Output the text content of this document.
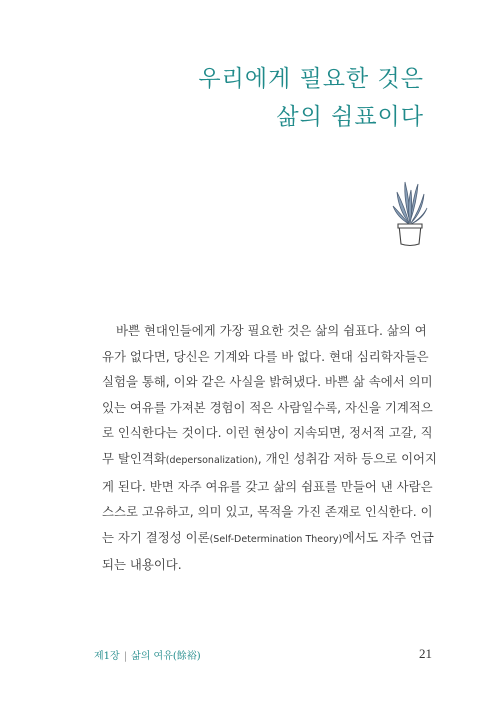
우리에게 필요한 것은
삶의 쉼표이다

바쁜 현대인들에게 가장 필요한 것은 삶의 쉼표다. 삶의 여

유가 없다면, 당신은 기계와 다를 바 없다. 현대 심리학자들은

실험을 통해, 이와 같은 사실을 밝혀냈다. 바쁜 삶 속에서 의미

있는 여유를 가져본 경험이 적은 사람일수록, 자신을 기계적으

로 인식한다는 것이다. 이런 현상이 지속되면, 정서적 고갈, 직

무 탈인격화(depersonalization), 개인 성취감 저하 등으로 이어지

게 된다. 반면 자주 여유를 갖고 삶의 쉼표를 만들어 낸 사람은

스스로 고유하고, 의미 있고, 목적을 가진 존재로 인식한다. 이

는 자기 결정성 이론(Self-Determination Theory)에서도 자주 언급

되는 내용이다.

제1장 | 삶의 여유(餘裕)	21
